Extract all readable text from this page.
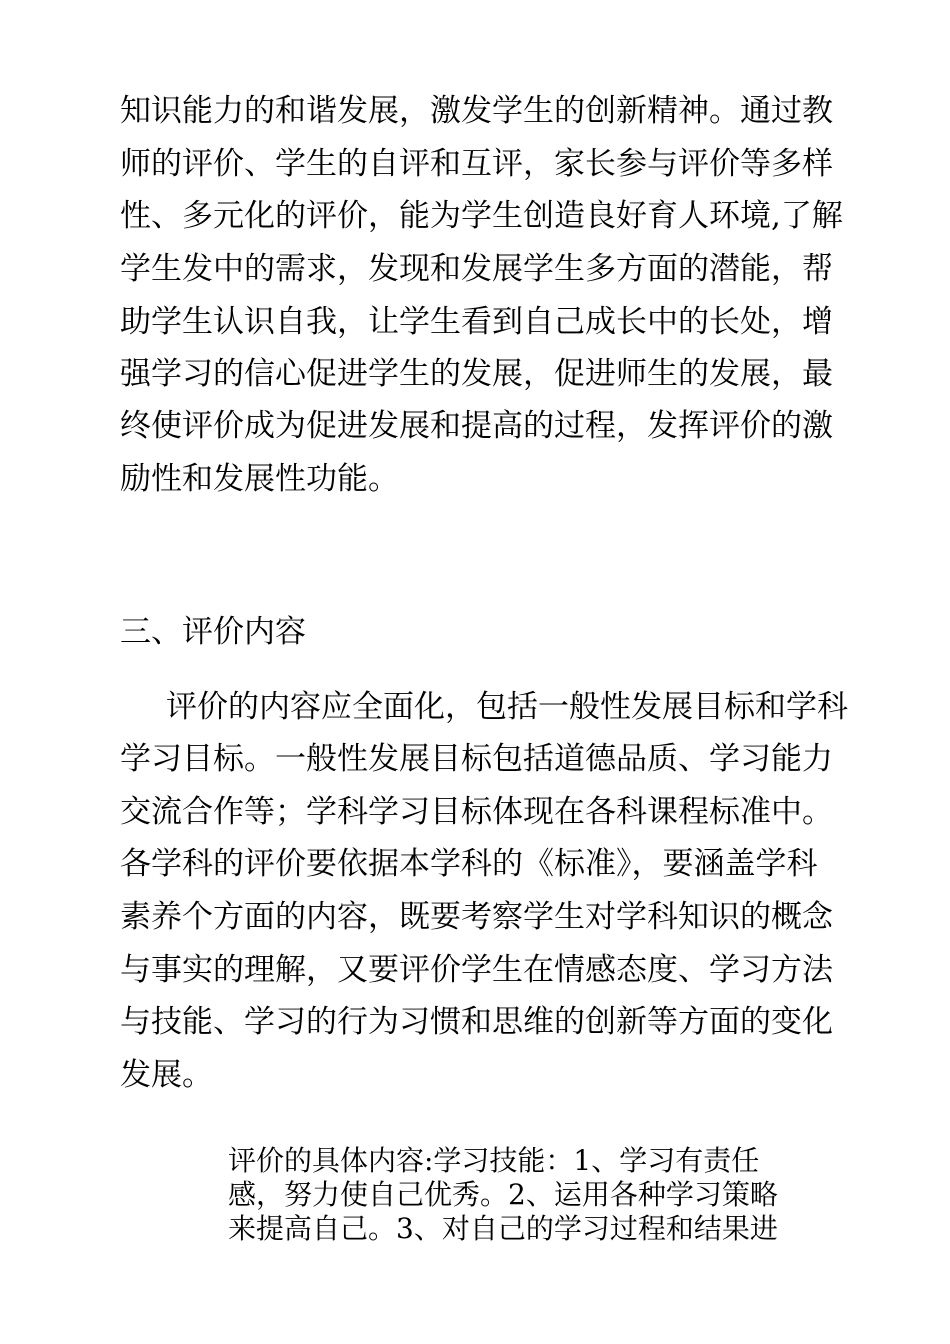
知识能力的和谐发展，激发学生的创新精神。通过教
师的评价、学生的自评和互评，家长参与评价等多样
性、多元化的评价，能为学生创造良好育人环境,了解
学生发中的需求，发现和发展学生多方面的潜能，帮
助学生认识自我，让学生看到自己成长中的长处，增
强学习的信心促进学生的发展，促进师生的发展，最
终使评价成为促进发展和提高的过程，发挥评价的激
励性和发展性功能。
三、评价内容
评价的内容应全面化，包括一般性发展目标和学科
学习目标。一般性发展目标包括道德品质、学习能力
交流合作等；学科学习目标体现在各科课程标准中。
各学科的评价要依据本学科的《标准》，要涵盖学科
素养个方面的内容，既要考察学生对学科知识的概念
与事实的理解，又要评价学生在情感态度、学习方法
与技能、学习的行为习惯和思维的创新等方面的变化
发展。
评价的具体内容:学习技能：1、学习有责任
感，努力使自己优秀。2、运用各种学习策略
来提高自己。3、对自己的学习过程和结果进
